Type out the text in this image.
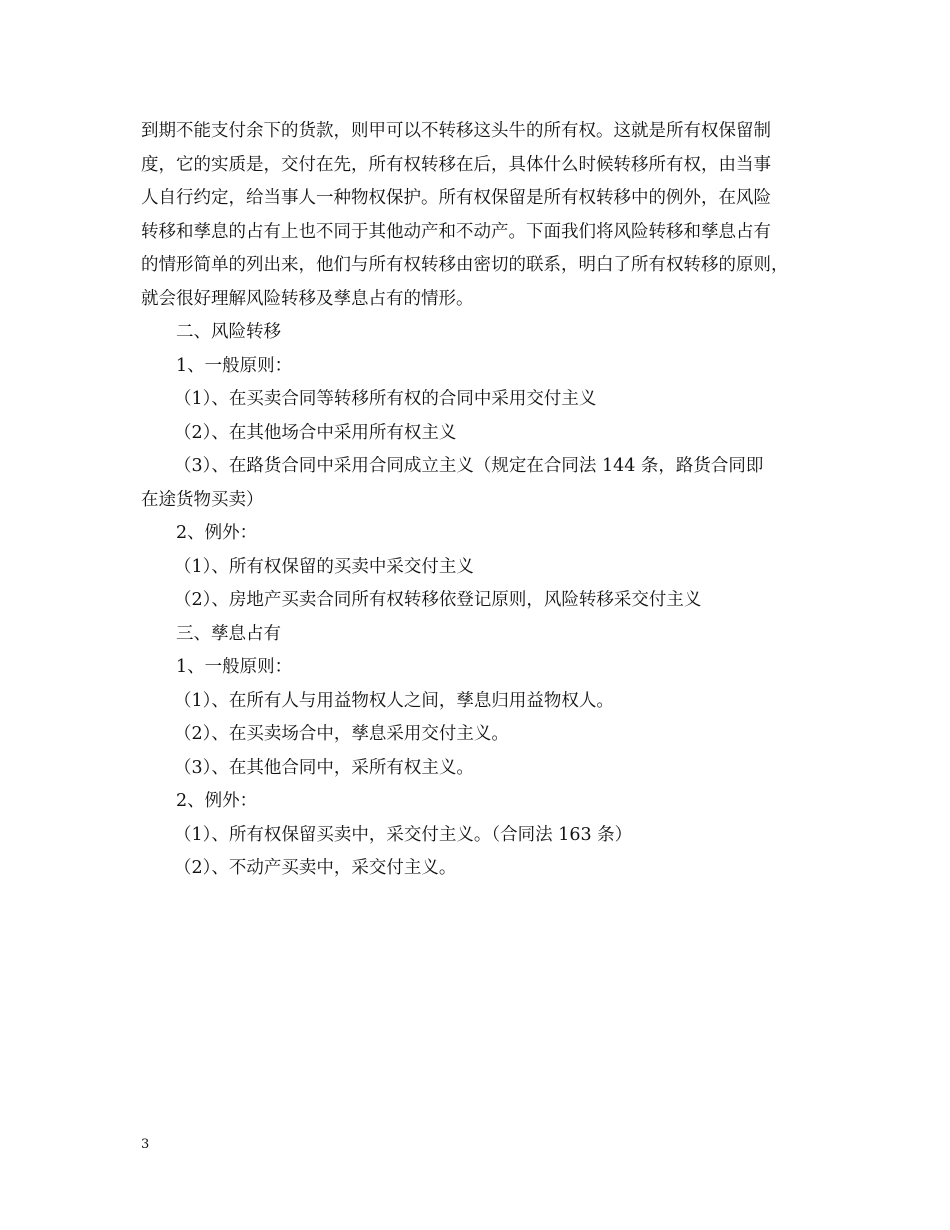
到期不能支付余下的货款，则甲可以不转移这头牛的所有权。这就是所有权保留制

度，它的实质是，交付在先，所有权转移在后，具体什么时候转移所有权，由当事

人自行约定，给当事人一种物权保护。所有权保留是所有权转移中的例外，在风险

转移和孳息的占有上也不同于其他动产和不动产。下面我们将风险转移和孳息占有

的情形简单的列出来，他们与所有权转移由密切的联系，明白了所有权转移的原则，

就会很好理解风险转移及孳息占有的情形。

二、风险转移

1、一般原则：

（1）、在买卖合同等转移所有权的合同中采用交付主义

（2）、在其他场合中采用所有权主义

（3）、在路货合同中采用合同成立主义（规定在合同法 144 条，路货合同即

在途货物买卖）

2、例外：

（1）、所有权保留的买卖中采交付主义

（2）、房地产买卖合同所有权转移依登记原则，风险转移采交付主义

三、孳息占有

1、一般原则：

（1）、在所有人与用益物权人之间，孳息归用益物权人。

（2）、在买卖场合中，孳息采用交付主义。

（3）、在其他合同中，采所有权主义。

2、例外：

（1）、所有权保留买卖中，采交付主义。（合同法 163 条）

（2）、不动产买卖中，采交付主义。

3
